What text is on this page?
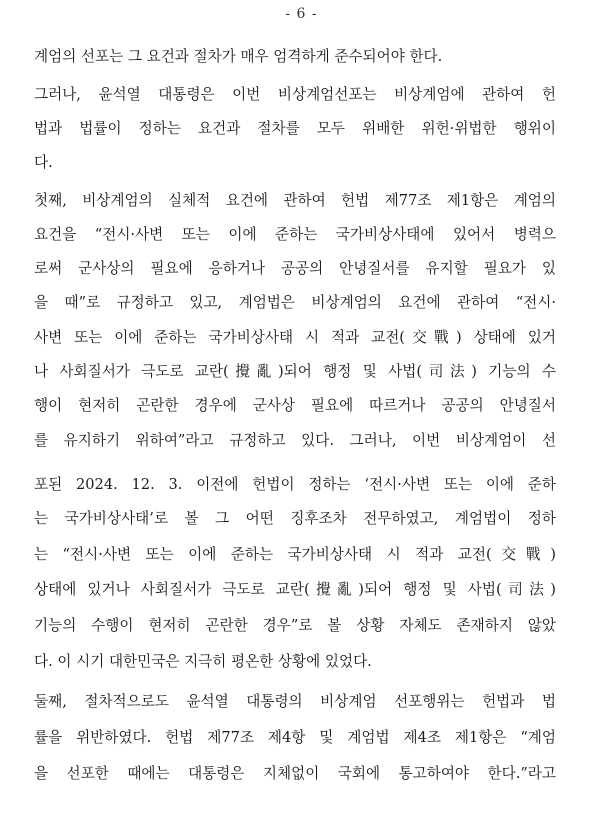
- 6 -
계엄의 선포는 그 요건과 절차가 매우 엄격하게 준수되어야 한다.
그러나, 윤석열 대통령은 이번 비상계엄선포는 비상계엄에 관하여 헌
법과 법률이 정하는 요건과 절차를 모두 위배한 위헌·위법한 행위이
다.
첫째, 비상계엄의 실체적 요건에 관하여 헌법 제77조 제1항은 계엄의
요건을 “전시·사변 또는 이에 준하는 국가비상사태에 있어서 병력으
로써 군사상의 필요에 응하거나 공공의 안녕질서를 유지할 필요가 있
을 때”로 규정하고 있고, 계엄법은 비상계엄의 요건에 관하여 “전시·
사변 또는 이에 준하는 국가비상사태 시 적과 교전(交戰) 상태에 있거
나 사회질서가 극도로 교란(攪亂)되어 행정 및 사법(司法) 기능의 수
행이 현저히 곤란한 경우에 군사상 필요에 따르거나 공공의 안녕질서
를 유지하기 위하여”라고 규정하고 있다. 그러나, 이번 비상계엄이 선
포된 2024. 12. 3. 이전에 헌법이 정하는 ‘전시·사변 또는 이에 준하
는 국가비상사태’로 볼 그 어떤 징후조차 전무하였고, 계엄법이 정하
는 “전시·사변 또는 이에 준하는 국가비상사태 시 적과 교전(交戰)
상태에 있거나 사회질서가 극도로 교란(攪亂)되어 행정 및 사법(司法)
기능의 수행이 현저히 곤란한 경우”로 볼 상황 자체도 존재하지 않았
다. 이 시기 대한민국은 지극히 평온한 상황에 있었다.
둘째, 절차적으로도 윤석열 대통령의 비상계엄 선포행위는 헌법과 법
률을 위반하였다. 헌법 제77조 제4항 및 계엄법 제4조 제1항은 “계엄
을 선포한 때에는 대통령은 지체없이 국회에 통고하여야 한다.”라고
